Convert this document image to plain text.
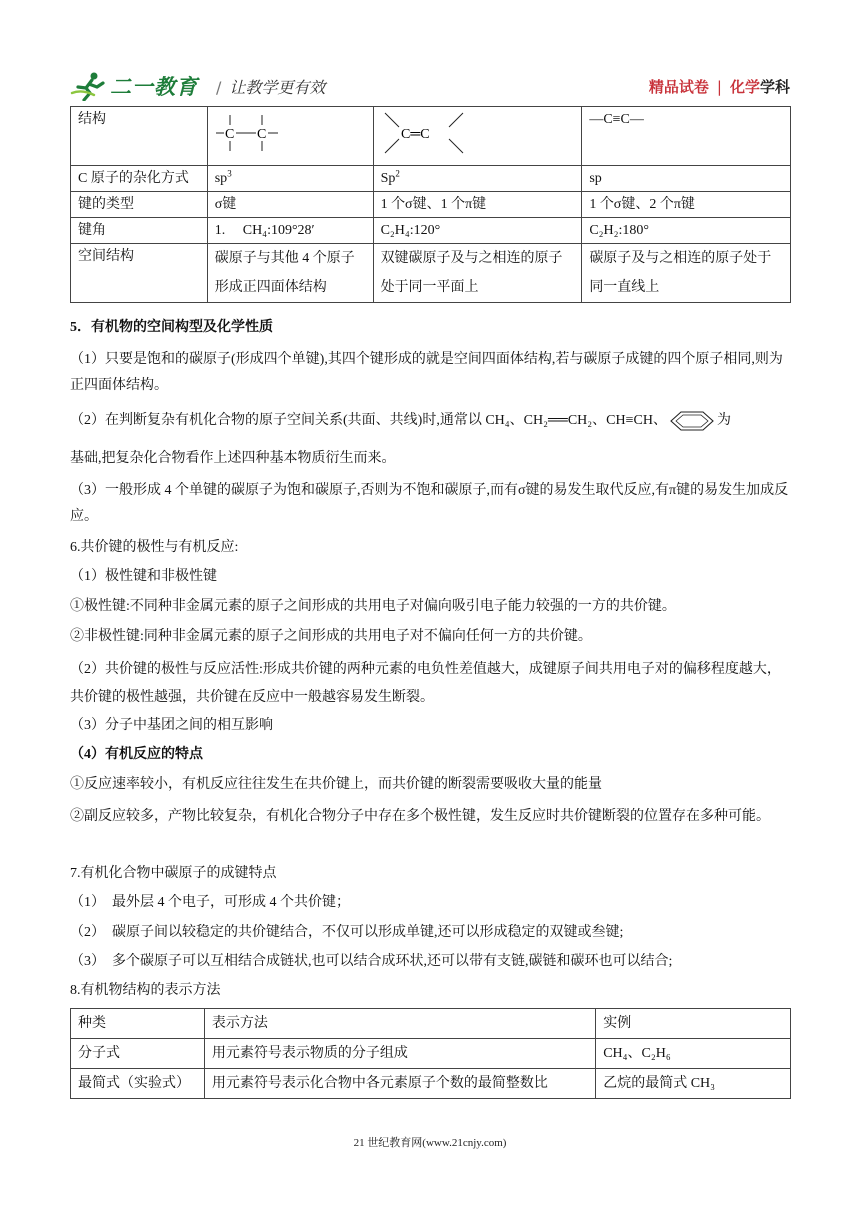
二一教育 / 让教学更有效	精品试卷 | 化学学科
结构	C C	C═C	—C≡C—
C 原子的杂化方式	$sp^3$	Sp$^2$	sp
键的类型	σ键	1 个σ键、1 个π键	1 个σ键、2 个π键
键角	1.　 CH₄:109°28′	C₂H₄:120°	C₂H₂:180°
空间结构	碳原子与其他 4 个原子形成正四面体结构	双键碳原子及与之相连的原子处于同一平面上	碳原子及与之相连的原子处于同一直线上
5．有机物的空间构型及化学性质
（1）只要是饱和的碳原子(形成四个单键),其四个键形成的就是空间四面体结构,若与碳原子成键的四个原子相同,则为正四面体结构。
（2）在判断复杂有机化合物的原子空间关系(共面、共线)时,通常以 CH₄、CH₂══CH₂、CH≡CH、	为
基础,把复杂化合物看作上述四种基本物质衍生而来。
（3）一般形成 4 个单键的碳原子为饱和碳原子,否则为不饱和碳原子,而有σ键的易发生取代反应,有π键的易发生加成反应。
6.共价键的极性与有机反应:
（1）极性键和非极性键
①极性键:不同种非金属元素的原子之间形成的共用电子对偏向吸引电子能力较强的一方的共价键。
②非极性键:同种非金属元素的原子之间形成的共用电子对不偏向任何一方的共价键。
（2）共价键的极性与反应活性:形成共价键的两种元素的电负性差值越大，成键原子间共用电子对的偏移程度越大，共价键的极性越强，共价键在反应中一般越容易发生断裂。
（3）分子中基团之间的相互影响
（4）有机反应的特点
①反应速率较小，有机反应往往发生在共价键上，而共价键的断裂需要吸收大量的能量
②副反应较多，产物比较复杂，有机化合物分子中存在多个极性键，发生反应时共价键断裂的位置存在多种可能。
7.有机化合物中碳原子的成键特点
（1）　最外层 4 个电子，可形成 4 个共价键；
（2）　碳原子间以较稳定的共价键结合，不仅可以形成单键,还可以形成稳定的双键或叁键;
（3）　多个碳原子可以互相结合成链状,也可以结合成环状,还可以带有支链,碳链和碳环也可以结合;
8.有机物结构的表示方法
种类	表示方法	实例
分子式	用元素符号表示物质的分子组成	CH₄、C₂H₆
最简式（实验式）	用元素符号表示化合物中各元素原子个数的最简整数比	乙烷的最简式 CH₃
21 世纪教育网(www.21cnjy.com)
